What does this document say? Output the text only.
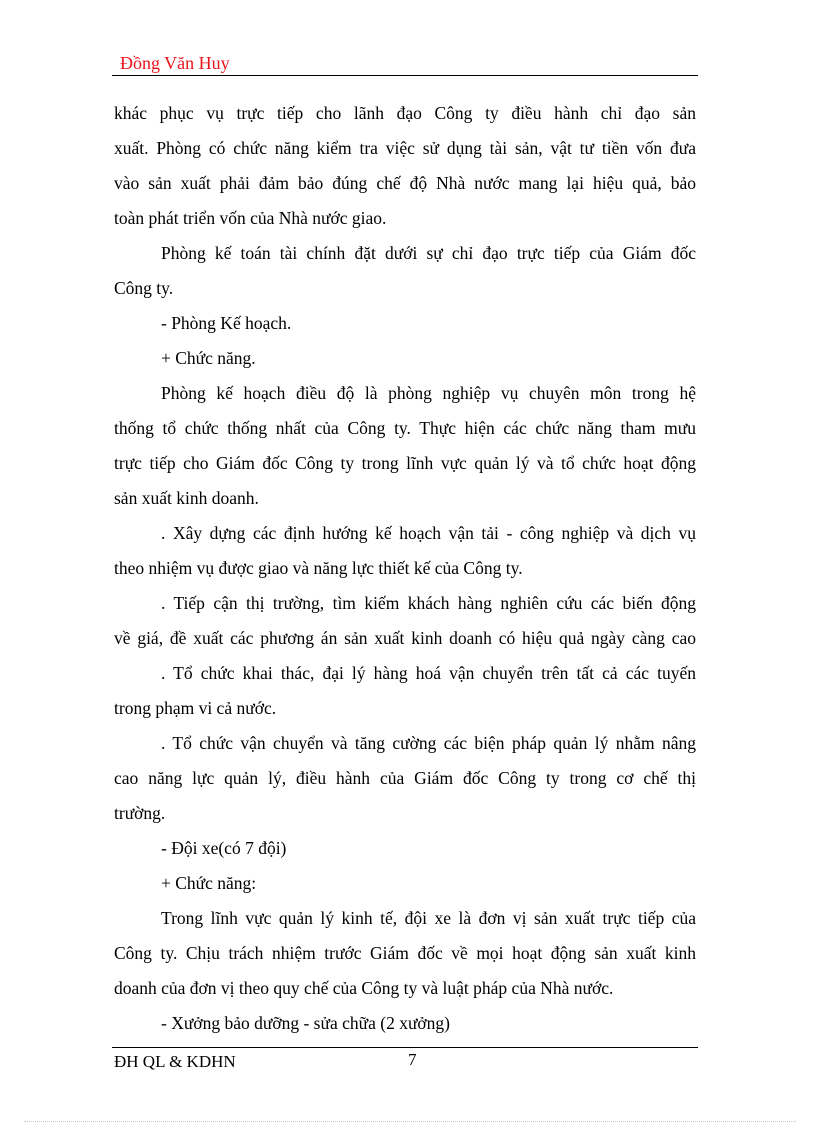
Đồng Văn Huy
khác phục vụ trực tiếp cho lãnh đạo Công ty điều hành chỉ đạo sản
xuất. Phòng có chức năng kiểm tra việc sử dụng tài sản, vật tư tiền vốn đưa
vào sản xuất phải đảm bảo đúng chế độ Nhà nước mang lại hiệu quả, bảo
toàn phát triển vốn của Nhà nước giao.
Phòng kế toán tài chính đặt dưới sự chỉ đạo trực tiếp của Giám đốc
Công ty.
- Phòng Kế hoạch.
+ Chức năng.
Phòng kế hoạch điều độ là phòng nghiệp vụ chuyên môn trong hệ
thống tổ chức thống nhất của Công ty. Thực hiện các chức năng tham mưu
trực tiếp cho Giám đốc Công ty trong lĩnh vực quản lý và tổ chức hoạt động
sản xuất kinh doanh.
. Xây dựng các định hướng kế hoạch vận tải - công nghiệp và dịch vụ
theo nhiệm vụ được giao và năng lực thiết kế của Công ty.
. Tiếp cận thị trường, tìm kiếm khách hàng nghiên cứu các biến động
về giá, đề xuất các phương án sản xuất kinh doanh có hiệu quả ngày càng cao
. Tổ chức khai thác, đại lý hàng hoá vận chuyển trên tất cả các tuyến
trong phạm vi cả nước.
. Tổ chức vận chuyển và tăng cường các biện pháp quản lý nhằm nâng
cao năng lực quản lý, điều hành của Giám đốc Công ty trong cơ chế thị
trường.
- Đội xe(có 7 đội)
+ Chức năng:
Trong lĩnh vực quản lý kinh tế, đội xe là đơn vị sản xuất trực tiếp của
Công ty. Chịu trách nhiệm trước Giám đốc về mọi hoạt động sản xuất kinh
doanh của đơn vị theo quy chế của Công ty và luật pháp của Nhà nước.
- Xưởng bảo dưỡng - sửa chữa (2 xưởng)
ĐH QL & KDHN	7
